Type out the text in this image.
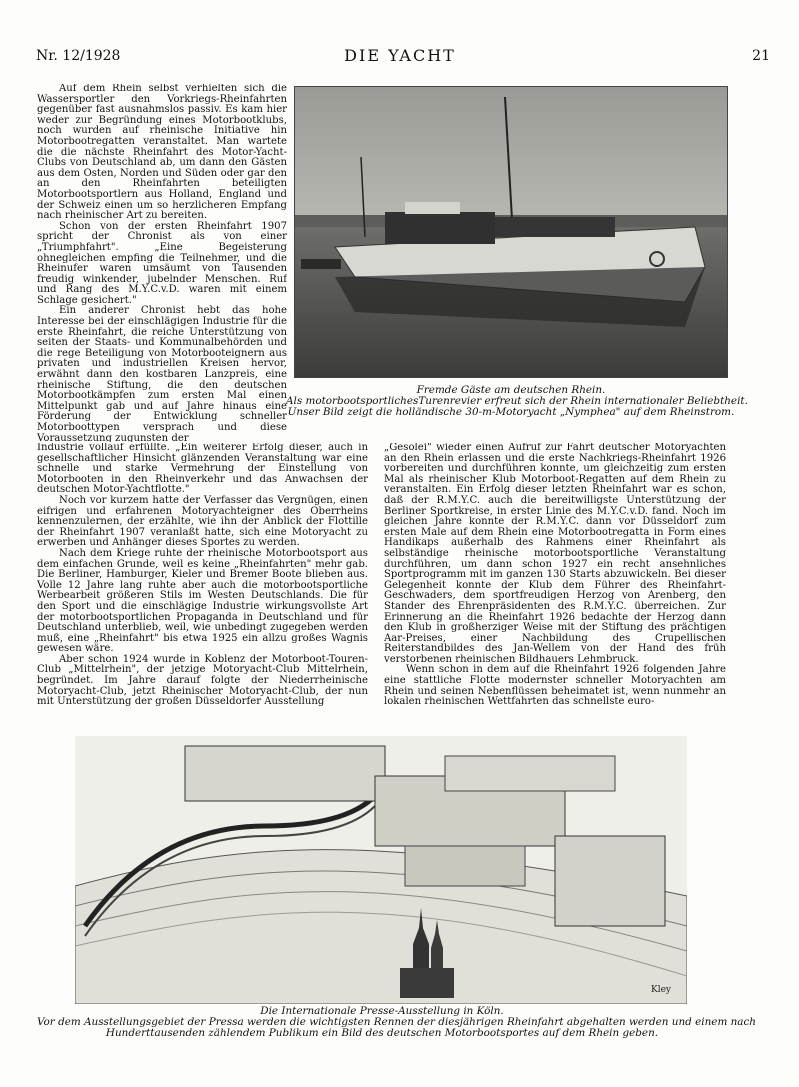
Nr. 12/1928	DIE YACHT	21

Auf dem Rhein selbst verhielten sich die Wassersportler den Vorkriegs-Rheinfahrten gegenüber fast ausnahmslos passiv. Es kam hier weder zur Begründung eines Motorbootklubs, noch wurden auf rheinische Initiative hin Motorbootregatten veranstaltet. Man wartete die die nächste Rheinfahrt des Motor-Yacht-Clubs von Deutschland ab, um dann den Gästen aus dem Osten, Norden und Süden oder gar den an den Rheinfahrten beteiligten Motorbootsportlern aus Holland, England und der Schweiz einen um so herzlicheren Empfang nach rheinischer Art zu bereiten.

Schon von der ersten Rheinfahrt 1907 spricht der Chronist als von einer „Triumphfahrt". „Eine Begeisterung ohnegleichen empfing die Teilnehmer, und die Rheinufer waren umsäumt von Tausenden freudig winkender, jubelnder Menschen. Ruf und Rang des M.Y.C.v.D. waren mit einem Schlage gesichert."

Ein anderer Chronist hebt das hohe Interesse bei der einschlägigen Industrie für die erste Rheinfahrt, die reiche Unterstützung von seiten der Staats- und Kommunalbehörden und die rege Beteiligung von Motorbooteignern aus privaten und industriellen Kreisen hervor, erwähnt dann den kostbaren Lanzpreis, eine rheinische Stiftung, die den deutschen Motorbootkämpfen zum ersten Mal einen Mittelpunkt gab und auf Jahre hinaus eine Förderung der Entwicklung schneller Motorboottypen versprach und diese Voraussetzung zugunsten der

Industrie vollauf erfüllte. „Ein weiterer Erfolg dieser, auch in gesellschaftlicher Hinsicht glänzenden Veranstaltung war eine schnelle und starke Vermehrung der Einstellung von Motorbooten in den Rheinverkehr und das Anwachsen der deutschen Motor-Yachtflotte."

Noch vor kurzem hatte der Verfasser das Vergnügen, einen eifrigen und erfahrenen Motoryachteigner des Oberrheins kennenzulernen, der erzählte, wie ihn der Anblick der Flottille der Rheinfahrt 1907 veranlaßt hatte, sich eine Motoryacht zu erwerben und Anhänger dieses Sportes zu werden.

Nach dem Kriege ruhte der rheinische Motorbootsport aus dem einfachen Grunde, weil es keine „Rheinfahrten" mehr gab. Die Berliner, Hamburger, Kieler und Bremer Boote blieben aus. Volle 12 Jahre lang ruhte aber auch die motorbootsportliche Werbearbeit größeren Stils im Westen Deutschlands. Die für den Sport und die einschlägige Industrie wirkungsvollste Art der motorbootsportlichen Propaganda in Deutschland und für Deutschland unterblieb, weil, wie unbedingt zugegeben werden muß, eine „Rheinfahrt" bis etwa 1925 ein allzu großes Wagnis gewesen wäre.

Aber schon 1924 wurde in Koblenz der Motorboot-Touren-Club „Mittelrhein", der jetzige Motoryacht-Club Mittelrhein, begründet. Im Jahre darauf folgte der Niederrheinische Motoryacht-Club, jetzt Rheinischer Motoryacht-Club, der nun mit Unterstützung der großen Düsseldorfer Ausstellung

„Gesolei" wieder einen Aufruf zur Fahrt deutscher Motoryachten an den Rhein erlassen und die erste Nachkriegs-Rheinfahrt 1926 vorbereiten und durchführen konnte, um gleichzeitig zum ersten Mal als rheinischer Klub Motorboot-Regatten auf dem Rhein zu veranstalten. Ein Erfolg dieser letzten Rheinfahrt war es schon, daß der R.M.Y.C. auch die bereitwilligste Unterstützung der Berliner Sportkreise, in erster Linie des M.Y.C.v.D. fand. Noch im gleichen Jahre konnte der R.M.Y.C. dann vor Düsseldorf zum ersten Male auf dem Rhein eine Motorbootregatta in Form eines Handikaps außerhalb des Rahmens einer Rheinfahrt als selbständige rheinische motorbootsportliche Veranstaltung durchführen, um dann schon 1927 ein recht ansehnliches Sportprogramm mit im ganzen 130 Starts abzuwickeln. Bei dieser Gelegenheit konnte der Klub dem Führer des Rheinfahrt-Geschwaders, dem sportfreudigen Herzog von Arenberg, den Stander des Ehrenpräsidenten des R.M.Y.C. überreichen. Zur Erinnerung an die Rheinfahrt 1926 bedachte der Herzog dann den Klub in großherziger Weise mit der Stiftung des prächtigen Aar-Preises, einer Nachbildung des Crupellischen Reiterstandbildes des Jan-Wellem von der Hand des früh verstorbenen rheinischen Bildhauers Lehmbruck.

Wenn schon in dem auf die Rheinfahrt 1926 folgenden Jahre eine stattliche Flotte modernster schneller Motoryachten am Rhein und seinen Nebenflüssen beheimatet ist, wenn nunmehr an lokalen rheinischen Wettfahrten das schnellste euro-

Fremde Gäste am deutschen Rhein.
Als motorbootsportlichesTurenrevier erfreut sich der Rhein internationaler Beliebtheit.
Unser Bild zeigt die holländische 30-m-Motoryacht „Nymphea" auf dem Rheinstrom.
Kley
Die Internationale Presse-Ausstellung in Köln.
Vor dem Ausstellungsgebiet der Pressa werden die wichtigsten Rennen der diesjährigen Rheinfahrt abgehalten werden und einem nach
Hunderttausenden zählendem Publikum ein Bild des deutschen Motorbootsportes auf dem Rhein geben.
